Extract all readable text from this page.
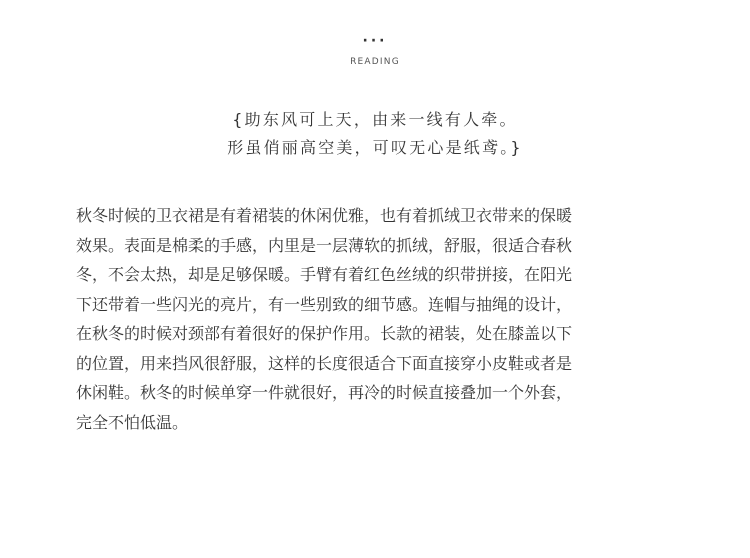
···
READING
{助东风可上天，由来一线有人牵。
形虽俏丽高空美，可叹无心是纸鸢。}
秋冬时候的卫衣裙是有着裙装的休闲优雅，也有着抓绒卫衣带来的保暖
效果。表面是棉柔的手感，内里是一层薄软的抓绒，舒服，很适合春秋
冬，不会太热，却是足够保暖。手臂有着红色丝绒的织带拼接，在阳光
下还带着一些闪光的亮片，有一些别致的细节感。连帽与抽绳的设计，
在秋冬的时候对颈部有着很好的保护作用。长款的裙装，处在膝盖以下
的位置，用来挡风很舒服，这样的长度很适合下面直接穿小皮鞋或者是
休闲鞋。秋冬的时候单穿一件就很好，再冷的时候直接叠加一个外套，
完全不怕低温。
